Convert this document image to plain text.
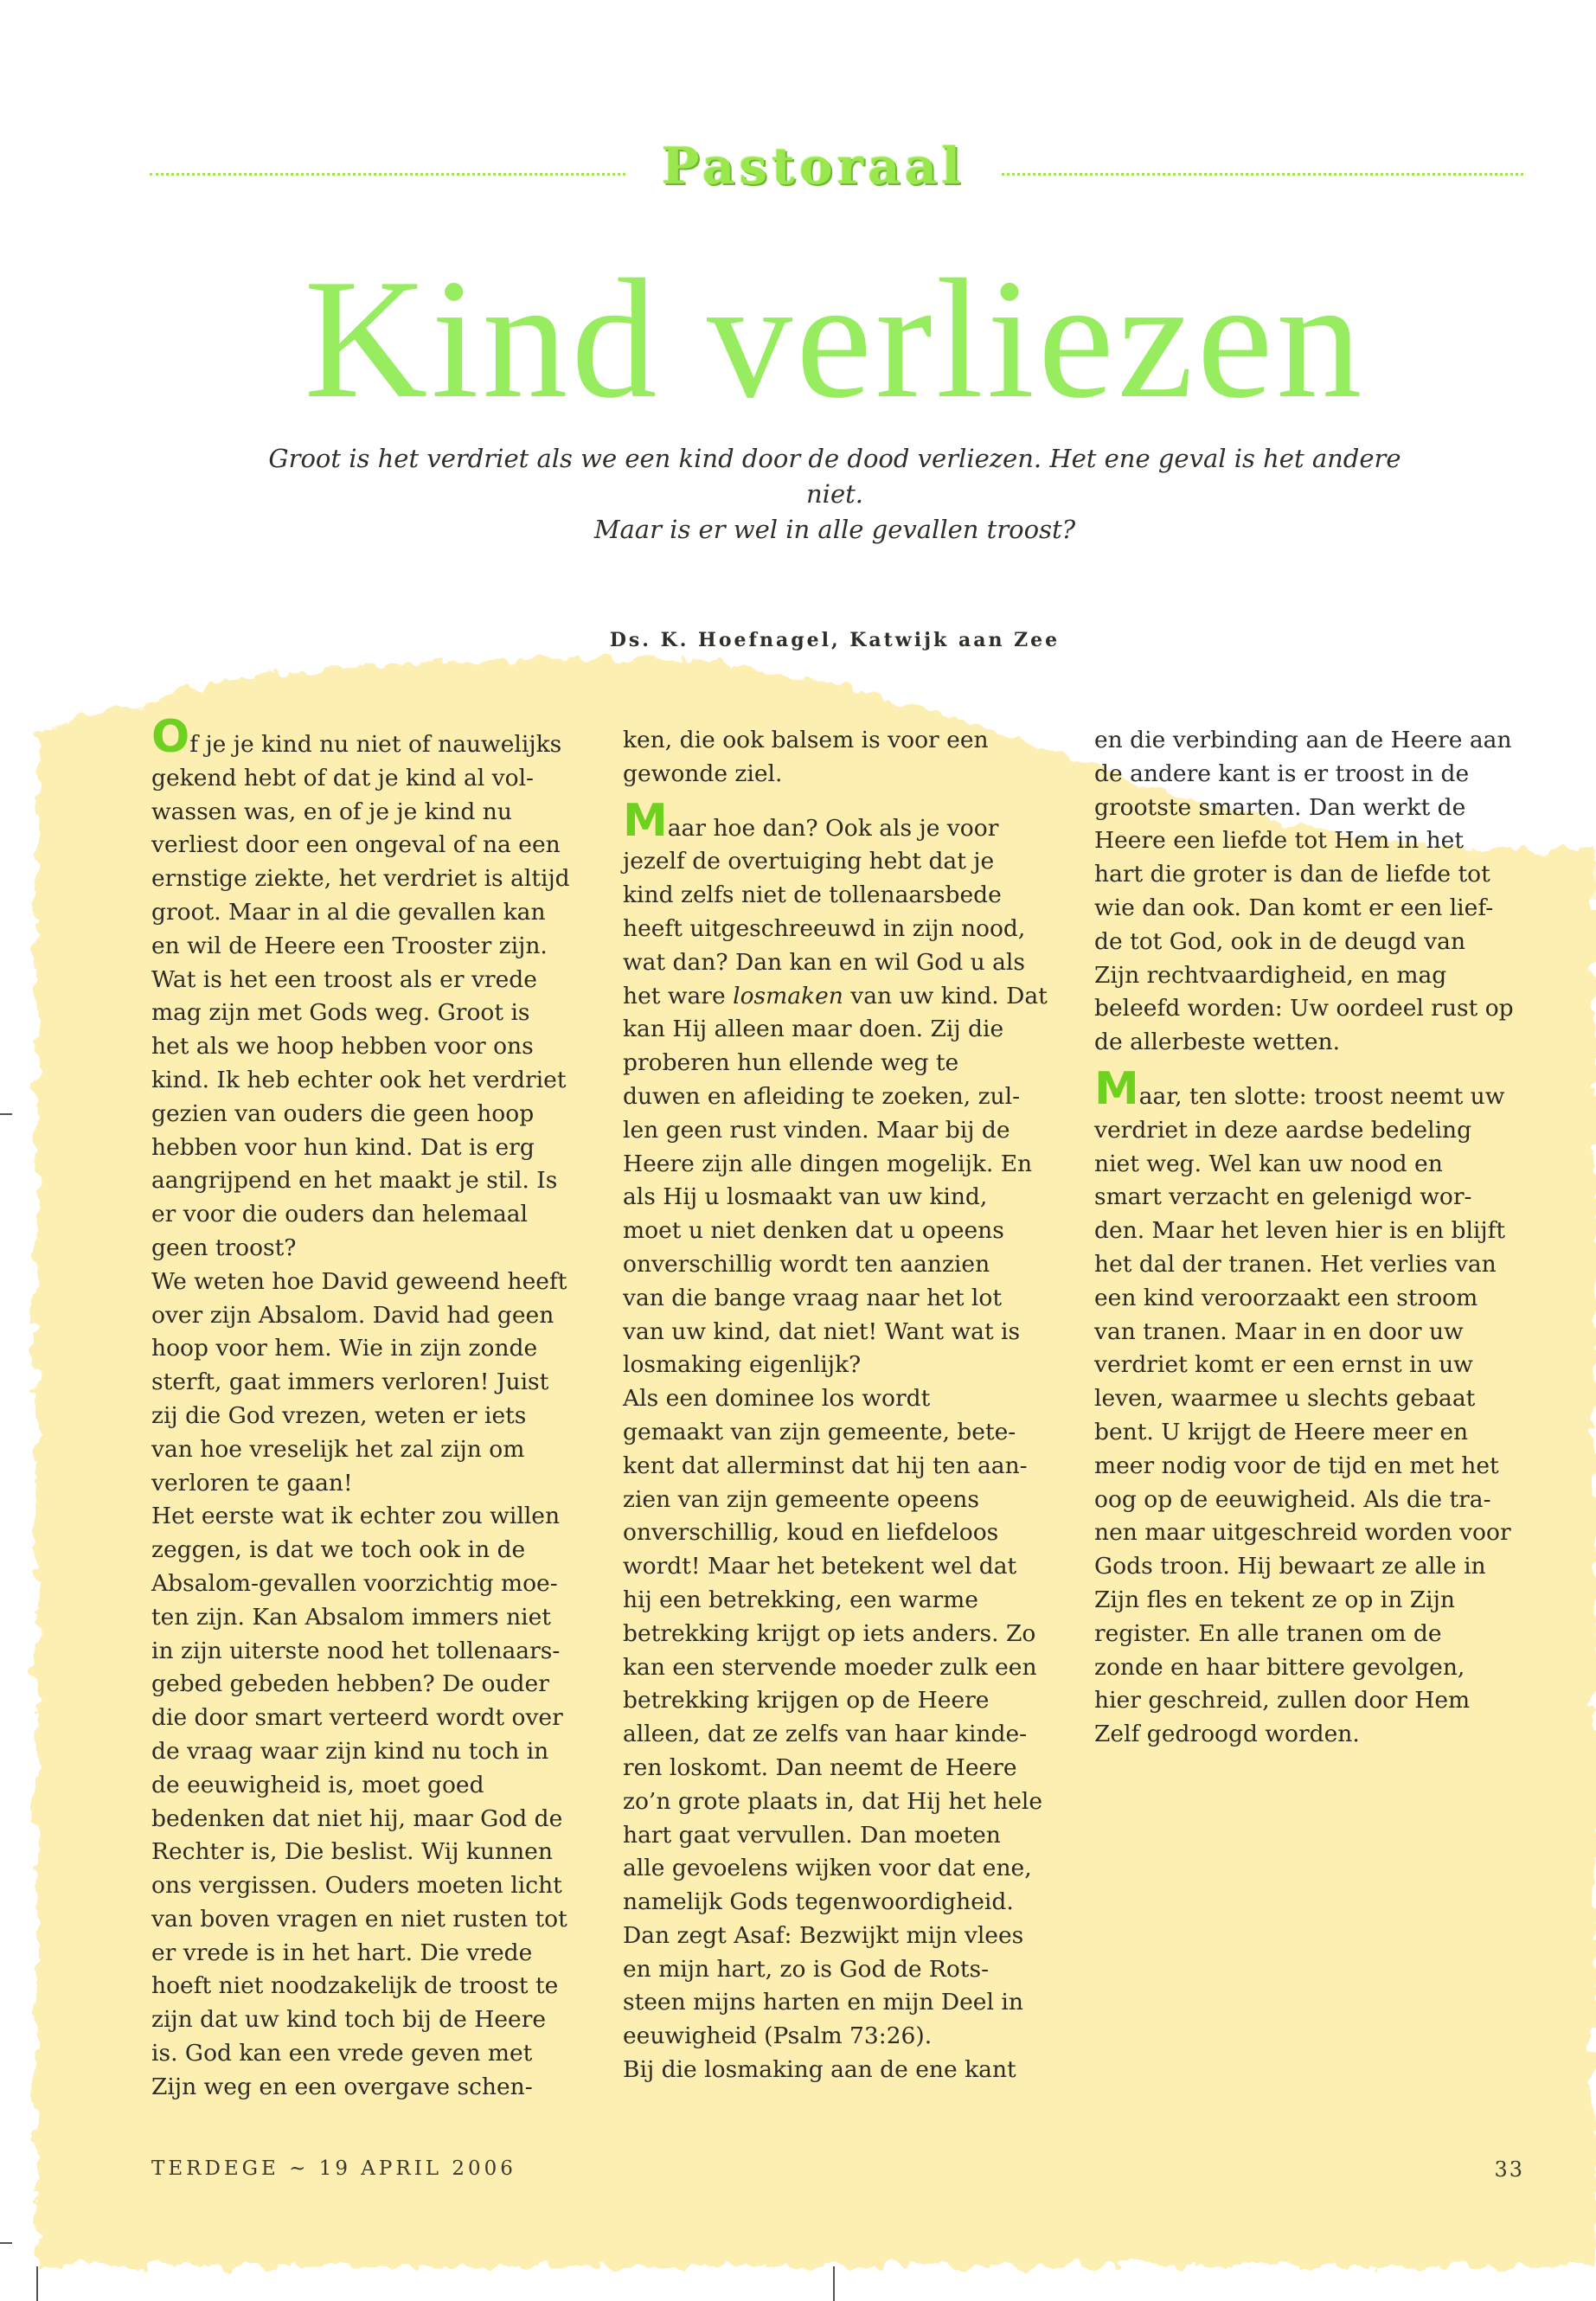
Pastoraal
Kind verliezen
Groot is het verdriet als we een kind door de dood verliezen. Het ene geval is het andere niet.
Maar is er wel in alle gevallen troost?
Ds. K. Hoefnagel, Katwijk aan Zee

Of je je kind nu niet of nauwelijks
gekend hebt of dat je kind al vol-
wassen was, en of je je kind nu
verliest door een ongeval of na een
ernstige ziekte, het verdriet is altijd
groot. Maar in al die gevallen kan
en wil de Heere een Trooster zijn.
Wat is het een troost als er vrede
mag zijn met Gods weg. Groot is
het als we hoop hebben voor ons
kind. Ik heb echter ook het verdriet
gezien van ouders die geen hoop
hebben voor hun kind. Dat is erg
aangrijpend en het maakt je stil. Is
er voor die ouders dan helemaal
geen troost?

We weten hoe David geweend heeft
over zijn Absalom. David had geen
hoop voor hem. Wie in zijn zonde
sterft, gaat immers verloren! Juist
zij die God vrezen, weten er iets
van hoe vreselijk het zal zijn om
verloren te gaan!

Het eerste wat ik echter zou willen
zeggen, is dat we toch ook in de
Absalom-gevallen voorzichtig moe-
ten zijn. Kan Absalom immers niet
in zijn uiterste nood het tollenaars-
gebed gebeden hebben? De ouder
die door smart verteerd wordt over
de vraag waar zijn kind nu toch in
de eeuwigheid is, moet goed
bedenken dat niet hij, maar God de
Rechter is, Die beslist. Wij kunnen
ons vergissen. Ouders moeten licht
van boven vragen en niet rusten tot
er vrede is in het hart. Die vrede
hoeft niet noodzakelijk de troost te
zijn dat uw kind toch bij de Heere
is. God kan een vrede geven met
Zijn weg en een overgave schen-

ken, die ook balsem is voor een
gewonde ziel.

Maar hoe dan? Ook als je voor
jezelf de overtuiging hebt dat je
kind zelfs niet de tollenaarsbede
heeft uitgeschreeuwd in zijn nood,
wat dan? Dan kan en wil God u als
het ware losmaken van uw kind. Dat
kan Hij alleen maar doen. Zij die
proberen hun ellende weg te
duwen en afleiding te zoeken, zul-
len geen rust vinden. Maar bij de
Heere zijn alle dingen mogelijk. En
als Hij u losmaakt van uw kind,
moet u niet denken dat u opeens
onverschillig wordt ten aanzien
van die bange vraag naar het lot
van uw kind, dat niet! Want wat is
losmaking eigenlijk?

Als een dominee los wordt
gemaakt van zijn gemeente, bete-
kent dat allerminst dat hij ten aan-
zien van zijn gemeente opeens
onverschillig, koud en liefdeloos
wordt! Maar het betekent wel dat
hij een betrekking, een warme
betrekking krijgt op iets anders. Zo
kan een stervende moeder zulk een
betrekking krijgen op de Heere
alleen, dat ze zelfs van haar kinde-
ren loskomt. Dan neemt de Heere
zo’n grote plaats in, dat Hij het hele
hart gaat vervullen. Dan moeten
alle gevoelens wijken voor dat ene,
namelijk Gods tegenwoordigheid.
Dan zegt Asaf: Bezwijkt mijn vlees
en mijn hart, zo is God de Rots-
steen mijns harten en mijn Deel in
eeuwigheid (Psalm 73:26).

Bij die losmaking aan de ene kant

en die verbinding aan de Heere aan
de andere kant is er troost in de
grootste smarten. Dan werkt de
Heere een liefde tot Hem in het
hart die groter is dan de liefde tot
wie dan ook. Dan komt er een lief-
de tot God, ook in de deugd van
Zijn rechtvaardigheid, en mag
beleefd worden: Uw oordeel rust op
de allerbeste wetten.

Maar, ten slotte: troost neemt uw
verdriet in deze aardse bedeling
niet weg. Wel kan uw nood en
smart verzacht en gelenigd wor-
den. Maar het leven hier is en blijft
het dal der tranen. Het verlies van
een kind veroorzaakt een stroom
van tranen. Maar in en door uw
verdriet komt er een ernst in uw
leven, waarmee u slechts gebaat
bent. U krijgt de Heere meer en
meer nodig voor de tijd en met het
oog op de eeuwigheid. Als die tra-
nen maar uitgeschreid worden voor
Gods troon. Hij bewaart ze alle in
Zijn fles en tekent ze op in Zijn
register. En alle tranen om de
zonde en haar bittere gevolgen,
hier geschreid, zullen door Hem
Zelf gedroogd worden.

TERDEGE ~ 19 APRIL 2006	33
